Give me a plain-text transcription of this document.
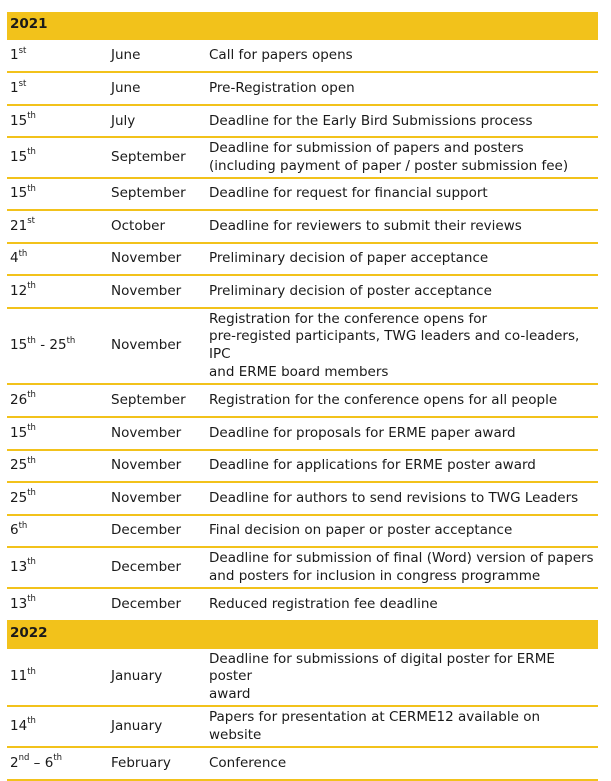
2021		
1st	June	Call for papers opens

1st	June	Pre-Registration open

15th	July	Deadline for the Early Bird Submissions process

15th	September	Deadline for submission of papers and posters
(including payment of paper / poster submission fee)

15th	September	Deadline for request for financial support

21st	October	Deadline for reviewers to submit their reviews

4th	November	Preliminary decision of paper acceptance

12th	November	Preliminary decision of poster acceptance

15th - 25th	November	Registration for the conference opens for
pre-registed participants, TWG leaders and co-leaders, IPC
and ERME board members

26th	September	Registration for the conference opens for all people

15th	November	Deadline for proposals for ERME paper award

25th	November	Deadline for applications for ERME poster award

25th	November	Deadline for authors to send revisions to TWG Leaders

6th	December	Final decision on paper or poster acceptance

13th	December	Deadline for submission of final (Word) version of papers
and posters for inclusion in congress programme

13th	December	Reduced registration fee deadline

2022		
11th	January	Deadline for submissions of digital poster for ERME poster
award

14th	January	Papers for presentation at CERME12 available on website

2nd – 6th	February	Conference
